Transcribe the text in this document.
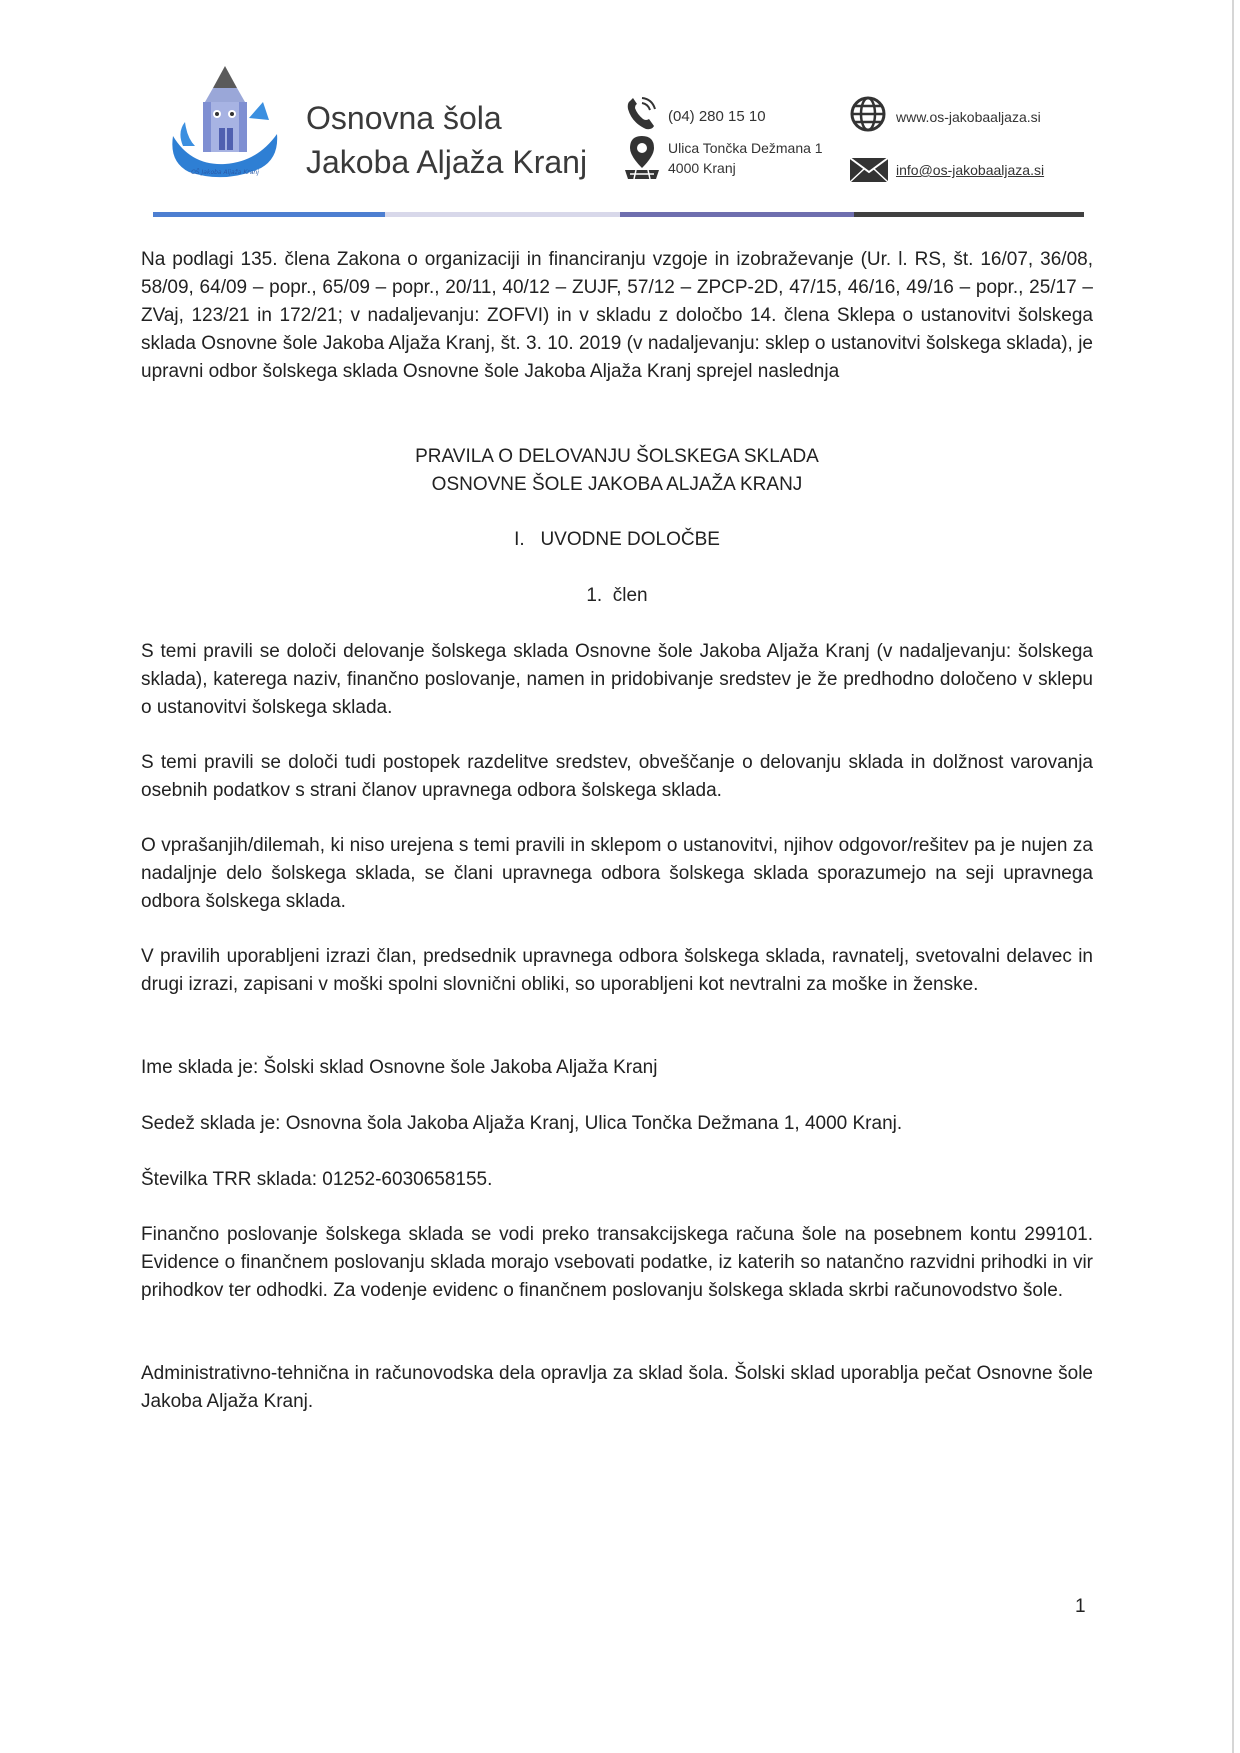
OŠ Jakoba Aljaža Kranj
Osnovna šola
Jakoba Aljaža Kranj
(04) 280 15 10
Ulica Tončka Dežmana 1
4000 Kranj
www.os-jakobaaljaza.si
info@os-jakobaaljaza.si

Na podlagi 135. člena Zakona o organizaciji in financiranju vzgoje in izobraževanje (Ur. l. RS, št. 16/07, 36/08, 58/09, 64/09 – popr., 65/09 – popr., 20/11, 40/12 – ZUJF, 57/12 – ZPCP-2D, 47/15, 46/16, 49/16 – popr., 25/17 – ZVaj, 123/21 in 172/21; v nadaljevanju: ZOFVI) in v skladu z določbo 14. člena Sklepa o ustanovitvi šolskega sklada Osnovne šole Jakoba Aljaža Kranj, št. 3. 10. 2019 (v nadaljevanju: sklep o ustanovitvi šolskega sklada), je upravni odbor šolskega sklada Osnovne šole Jakoba Aljaža Kranj sprejel naslednja

PRAVILA O DELOVANJU ŠOLSKEGA SKLADA
OSNOVNE ŠOLE JAKOBA ALJAŽA KRANJ
I.   UVODNE DOLOČBE
1.  člen

S temi pravili se določi delovanje šolskega sklada Osnovne šole Jakoba Aljaža Kranj (v nadaljevanju: šolskega sklada), katerega naziv, finančno poslovanje, namen in pridobivanje sredstev je že predhodno določeno v sklepu o ustanovitvi šolskega sklada.

S temi pravili se določi tudi postopek razdelitve sredstev, obveščanje o delovanju sklada in dolžnost varovanja osebnih podatkov s strani članov upravnega odbora šolskega sklada.

O vprašanjih/dilemah, ki niso urejena s temi pravili in sklepom o ustanovitvi, njihov odgovor/rešitev pa je nujen za nadaljnje delo šolskega sklada, se člani upravnega odbora šolskega sklada sporazumejo na seji upravnega odbora šolskega sklada.

V pravilih uporabljeni izrazi član, predsednik upravnega odbora šolskega sklada, ravnatelj, svetovalni delavec in drugi izrazi, zapisani v moški spolni slovnični obliki, so uporabljeni kot nevtralni za moške in ženske.

Ime sklada je: Šolski sklad Osnovne šole Jakoba Aljaža Kranj

Sedež sklada je: Osnovna šola Jakoba Aljaža Kranj, Ulica Tončka Dežmana 1, 4000 Kranj.

Številka TRR sklada: 01252-6030658155.

Finančno poslovanje šolskega sklada se vodi preko transakcijskega računa šole na posebnem kontu 299101. Evidence o finančnem poslovanju sklada morajo vsebovati podatke, iz katerih so natančno razvidni prihodki in vir prihodkov ter odhodki. Za vodenje evidenc o finančnem poslovanju šolskega sklada skrbi računovodstvo šole.

Administrativno-tehnična in računovodska dela opravlja za sklad šola. Šolski sklad uporablja pečat Osnovne šole Jakoba Aljaža Kranj.

1
